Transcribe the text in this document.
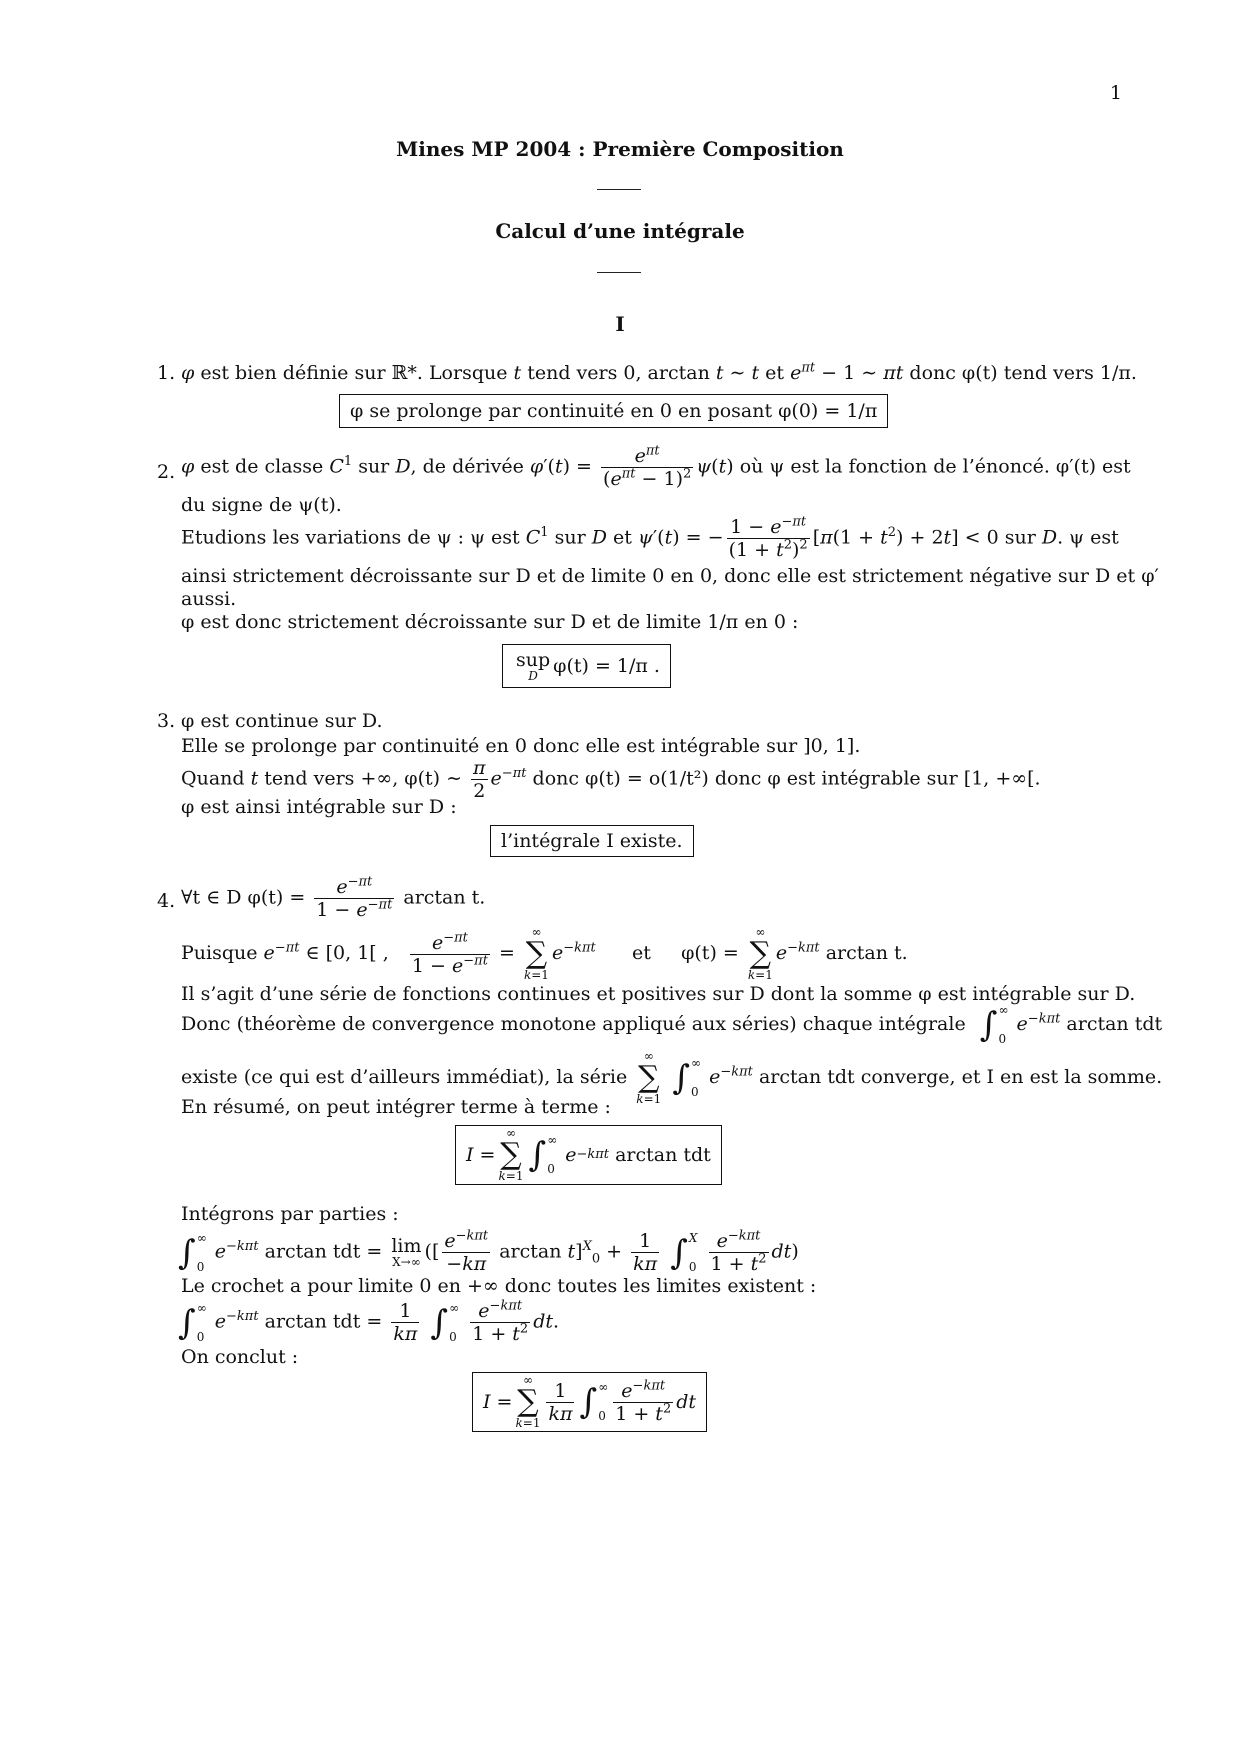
1
Mines MP 2004 : Première Composition
Calcul d’une intégrale
I
1. φ est bien définie sur ℝ*. Lorsque t tend vers 0, arctan t ∼ t et $e^{\pi t} - 1$ ∼ πt donc φ(t) tend vers 1/π.
φ se prolonge par continuité en 0 en posant φ(0) = 1/π
2. φ est de classe $C^1$ sur D, de dérivée $\varphi'(t) = \frac{e^{\pi t}}{(e^{\pi t} - 1)^2} \psi(t)$ où ψ est la fonction de l’énoncé. φ′(t) est
du signe de ψ(t).
Etudions les variations de ψ : ψ est $C^1$ sur D et ψ′(t) = − $\frac{1 - e^{-\pi t}}{(1 + t^2)^2} [\pi(1 + t^2) + 2t] < 0$ sur D. ψ est
ainsi strictement décroissante sur D et de limite 0 en 0, donc elle est strictement négative sur D et φ′
aussi.
φ est donc strictement décroissante sur D et de limite 1/π en 0 :
sup
D φ(t) = 1/π .
3. φ est continue sur D.
Elle se prolonge par continuité en 0 donc elle est intégrable sur ]0, 1].
Quand t tend vers +∞, φ(t) ∼ $\frac{\pi}{2} e^{-\pi t}$ donc φ(t) = o(1/t²) donc φ est intégrable sur [1, +∞[.
φ est ainsi intégrable sur D :
l’intégrale I existe.
4. ∀t ∈ D $\varphi(t) = \frac{e^{-\pi t}}{1 - e^{-\pi t}}$ arctan t.
Puisque $e^{-\pi t}$ ∈ [0, 1[ , $\frac{e^{-\pi t}}{1 - e^{-\pi t}}$ =
∞
∑
k=1
$e^{-k\pi t}$ et φ(t) =
∞
∑
k=1
$e^{-k\pi t}$ arctan t.
Il s’agit d’une série de fonctions continues et positives sur D dont la somme φ est intégrable sur D.
Donc (théorème de convergence monotone appliqué aux séries) chaque intégrale ∫ ∞
0
$e^{-k\pi t}$ arctan tdt
existe (ce qui est d’ailleurs immédiat), la série
∞
∑
k=1

∫ ∞
0
$e^{-k\pi t}$ arctan tdt converge, et I en est la somme.
En résumé, on peut intégrer terme à terme :
I =
∞
∑
k=1
∫ ∞
0

e −kπt
arctan tdt
Intégrons par parties :
∫ ∞
0
$e^{-k\pi t}$ arctan tdt = lim
X→∞ ([ $\frac{e^{-k\pi t}}{-k\pi}$ $\arctan t]^X_0 + \frac{1}{k\pi}$
∫ X
0
$\frac{e^{-k\pi t}}{1 + t^2} dt$)
Le crochet a pour limite 0 en +∞ donc toutes les limites existent :
∫ ∞
0
$e^{-k\pi t}$ arctan tdt = $\frac{1}{k\pi}$
∫ ∞
0
$\frac{e^{-k\pi t}}{1 + t^2}$ dt.
On conclut :
I =
∞
∑
$k=1 \frac{1}{k\pi}$ ∫ ∞
$0 \frac{e^{-k\pi t}}{1 + t^2}$ dt
